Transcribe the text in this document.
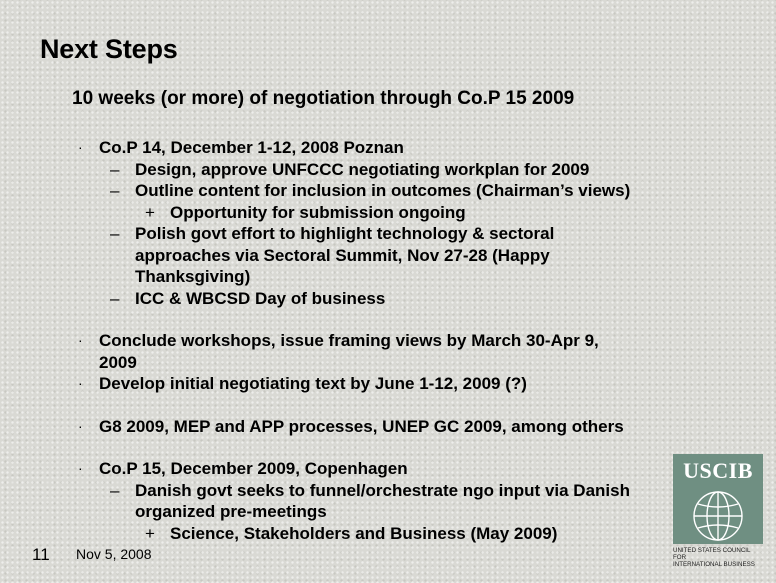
Next Steps
10 weeks (or more) of negotiation through Co.P 15 2009
· Co.P 14, December 1-12, 2008 Poznan
– Design, approve UNFCCC negotiating workplan for 2009
– Outline content for inclusion in outcomes (Chairman’s views)
+ Opportunity for submission ongoing
– Polish govt effort to highlight technology & sectoral
approaches via Sectoral Summit, Nov 27-28 (Happy
Thanksgiving)
– ICC & WBCSD Day of business
· Conclude workshops, issue framing views by March 30-Apr 9,
2009
· Develop initial negotiating text by June 1-12, 2009 (?)
· G8 2009, MEP and APP processes, UNEP GC 2009, among others
· Co.P 15, December 2009, Copenhagen
– Danish govt seeks to funnel/orchestrate ngo input via Danish
organized pre-meetings
+ Science, Stakeholders and Business (May 2009)
11 Nov 5, 2008
USCIB
UNITED STATES COUNCIL FOR
INTERNATIONAL BUSINESS
